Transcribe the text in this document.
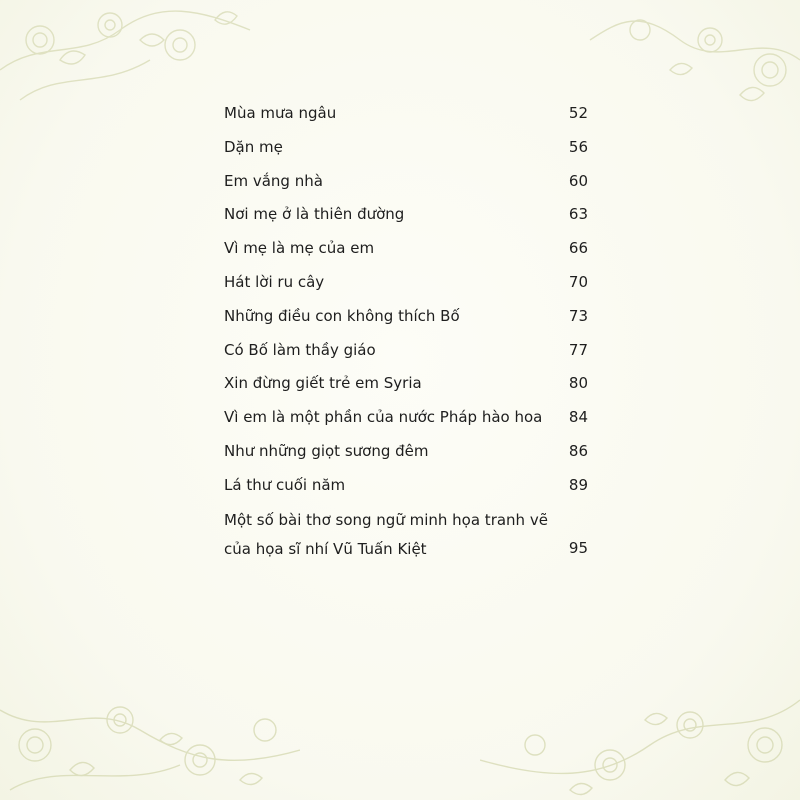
Mùa mưa ngâu	52
Dặn mẹ	56
Em vắng nhà	60
Nơi mẹ ở là thiên đường	63
Vì mẹ là mẹ của em	66
Hát lời ru cây	70
Những điều con không thích Bố	73
Có Bố làm thầy giáo	77
Xin đừng giết trẻ em Syria	80
Vì em là một phần của nước Pháp hào hoa 84
Như những giọt sương đêm	86
Lá thư cuối năm	89
Một số bài thơ song ngữ minh họa tranh vẽ
của họa sĩ nhí Vũ Tuấn Kiệt	95
